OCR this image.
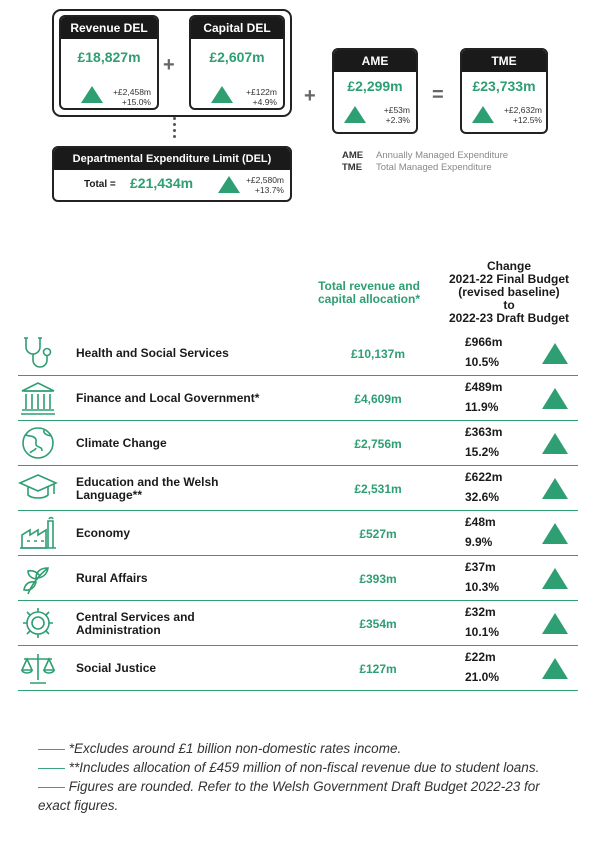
Revenue DEL
£18,827m
+£2,458m
+15.0%
+
Capital DEL
£2,607m
+£122m
+4.9% +
AME
£2,299m
+£53m
+2.3%
=
TME
£23,733m
+£2,632m
+12.5%
Departmental Expenditure Limit (DEL)
Total = £21,434m	+£2,580m
+13.7%
AME Annually Managed Expenditure
TME Total Managed Expenditure
Total revenue and
capital allocation*
Change
2021-22 Final Budget
(revised baseline)
to
2022-23 Draft Budget
Health and Social Services	£10,137m
£966m
10.5%
Finance and Local Government*	£4,609m
£489m
11.9%
Climate Change	£2,756m
£363m
15.2%
Education and the Welsh
Language**	£2,531m
£622m
32.6%
Economy	£527m
£48m
9.9%
Rural Affairs	£393m
£37m
10.3%
Central Services and
Administration	£354m
£32m
10.1%
Social Justice	£127m
£22m
21.0%
—— *Excludes around £1 billion non-domestic rates income.
—— **Includes allocation of £459 million of non-fiscal revenue due to student loans.
—— Figures are rounded. Refer to the Welsh Government Draft Budget 2022-23 for exact figures.
